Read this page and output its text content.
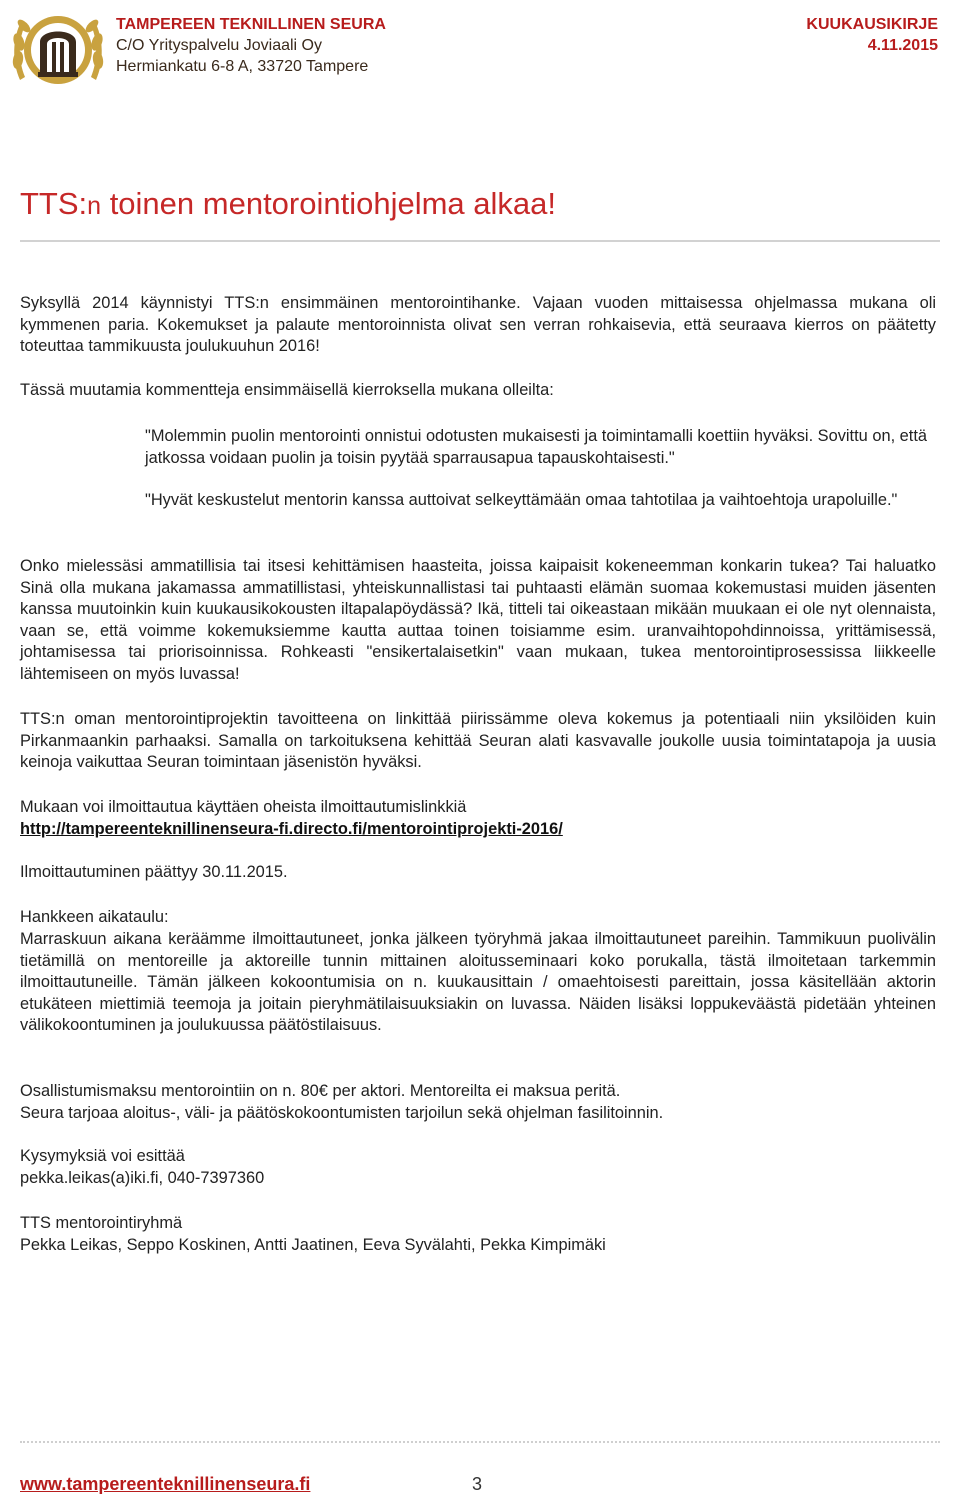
TAMPEREEN TEKNILLINEN SEURA
C/O Yrityspalvelu Joviaali Oy
Hermiankatu 6-8 A, 33720 Tampere
KUUKAUSIKIRJE
4.11.2015
TTS:n toinen mentorointiohjelma alkaa!

Syksyllä 2014 käynnistyi TTS:n ensimmäinen mentorointihanke. Vajaan vuoden mittaisessa ohjelmassa mukana oli kymmenen paria. Kokemukset ja palaute mentoroinnista olivat sen verran rohkaisevia, että seuraava kierros on päätetty toteuttaa tammikuusta joulukuuhun 2016!

Tässä muutamia kommentteja ensimmäisellä kierroksella mukana olleilta:

"Molemmin puolin mentorointi onnistui odotusten mukaisesti ja toimintamalli koettiin hyväksi. Sovittu on, että jatkossa voidaan puolin ja toisin pyytää sparrausapua tapauskohtaisesti."

"Hyvät keskustelut mentorin kanssa auttoivat selkeyttämään omaa tahtotilaa ja vaihtoehtoja urapoluille."

Onko mielessäsi ammatillisia tai itsesi kehittämisen haasteita, joissa kaipaisit kokeneemman konkarin tukea? Tai haluatko Sinä olla mukana jakamassa ammatillistasi, yhteiskunnallistasi tai puhtaasti elämän suomaa kokemustasi muiden jäsenten kanssa muutoinkin kuin kuukausikokousten iltapalapöydässä? Ikä, titteli tai oikeastaan mikään muukaan ei ole nyt olennaista, vaan se, että voimme kokemuksiemme kautta auttaa toinen toisiamme esim. uranvaihtopohdinnoissa, yrittämisessä, johtamisessa tai priorisoinnissa. Rohkeasti "ensikertalaisetkin" vaan mukaan, tukea mentorointiprosessissa liikkeelle lähtemiseen on myös luvassa!

TTS:n oman mentorointiprojektin tavoitteena on linkittää piirissämme oleva kokemus ja potentiaali niin yksilöiden kuin Pirkanmaankin parhaaksi. Samalla on tarkoituksena kehittää Seuran alati kasvavalle joukolle uusia toimintatapoja ja uusia keinoja vaikuttaa Seuran toimintaan jäsenistön hyväksi.

Mukaan voi ilmoittautua käyttäen oheista ilmoittautumislinkkiä

http://tampereenteknillinenseura-fi.directo.fi/mentorointiprojekti-2016/

Ilmoittautuminen päättyy 30.11.2015.

Hankkeen aikataulu:

Marraskuun aikana keräämme ilmoittautuneet, jonka jälkeen työryhmä jakaa ilmoittautuneet pareihin. Tammikuun puolivälin tietämillä on mentoreille ja aktoreille tunnin mittainen aloitusseminaari koko porukalla, tästä ilmoitetaan tarkemmin ilmoittautuneille. Tämän jälkeen kokoontumisia on n. kuukausittain / omaehtoisesti pareittain, jossa käsitellään aktorin etukäteen miettimiä teemoja ja joitain pieryhmätilaisuuksiakin on luvassa. Näiden lisäksi loppukeväästä pidetään yhteinen välikokoontuminen ja joulukuussa päätöstilaisuus.

Osallistumismaksu mentorointiin on n. 80€ per aktori. Mentoreilta ei maksua peritä.

Seura tarjoaa aloitus-, väli- ja päätöskokoontumisten tarjoilun sekä ohjelman fasilitoinnin.

Kysymyksiä voi esittää

pekka.leikas(a)iki.fi, 040-7397360

TTS mentorointiryhmä

Pekka Leikas, Seppo Koskinen, Antti Jaatinen, Eeva Syvälahti, Pekka Kimpimäki

www.tampereenteknillinenseura.fi	3
